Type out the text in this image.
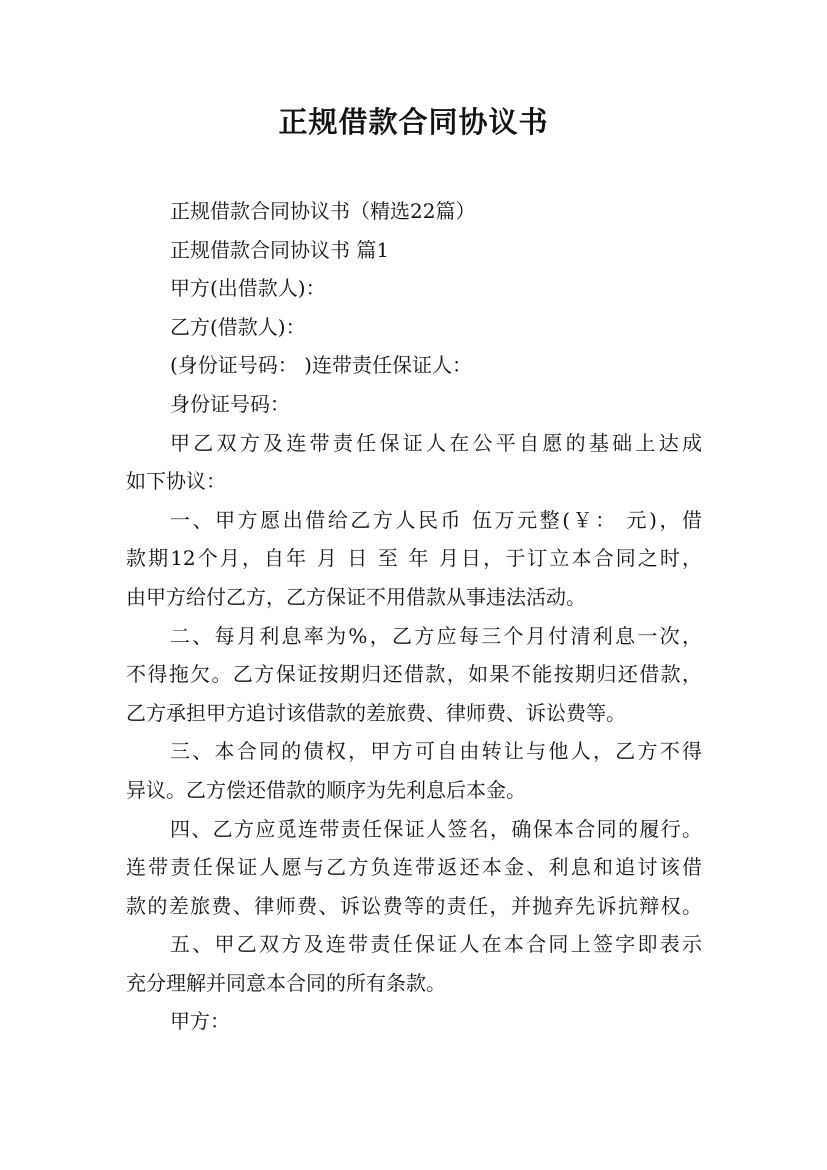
正规借款合同协议书
正规借款合同协议书（精选22篇）
正规借款合同协议书 篇1
甲方(出借款人)：
乙方(借款人)：
(身份证号码： )连带责任保证人：
身份证号码：
甲乙双方及连带责任保证人在公平自愿的基础上达成
如下协议：
一、甲方愿出借给乙方人民币 伍万元整(￥： 元)，借
款期12个月，自年 月 日 至 年 月日，于订立本合同之时，
由甲方给付乙方，乙方保证不用借款从事违法活动。
二、每月利息率为%，乙方应每三个月付清利息一次，
不得拖欠。乙方保证按期归还借款，如果不能按期归还借款，
乙方承担甲方追讨该借款的差旅费、律师费、诉讼费等。
三、本合同的债权，甲方可自由转让与他人，乙方不得
异议。乙方偿还借款的顺序为先利息后本金。
四、乙方应觅连带责任保证人签名，确保本合同的履行。
连带责任保证人愿与乙方负连带返还本金、利息和追讨该借
款的差旅费、律师费、诉讼费等的责任，并抛弃先诉抗辩权。
五、甲乙双方及连带责任保证人在本合同上签字即表示
充分理解并同意本合同的所有条款。
甲方：
